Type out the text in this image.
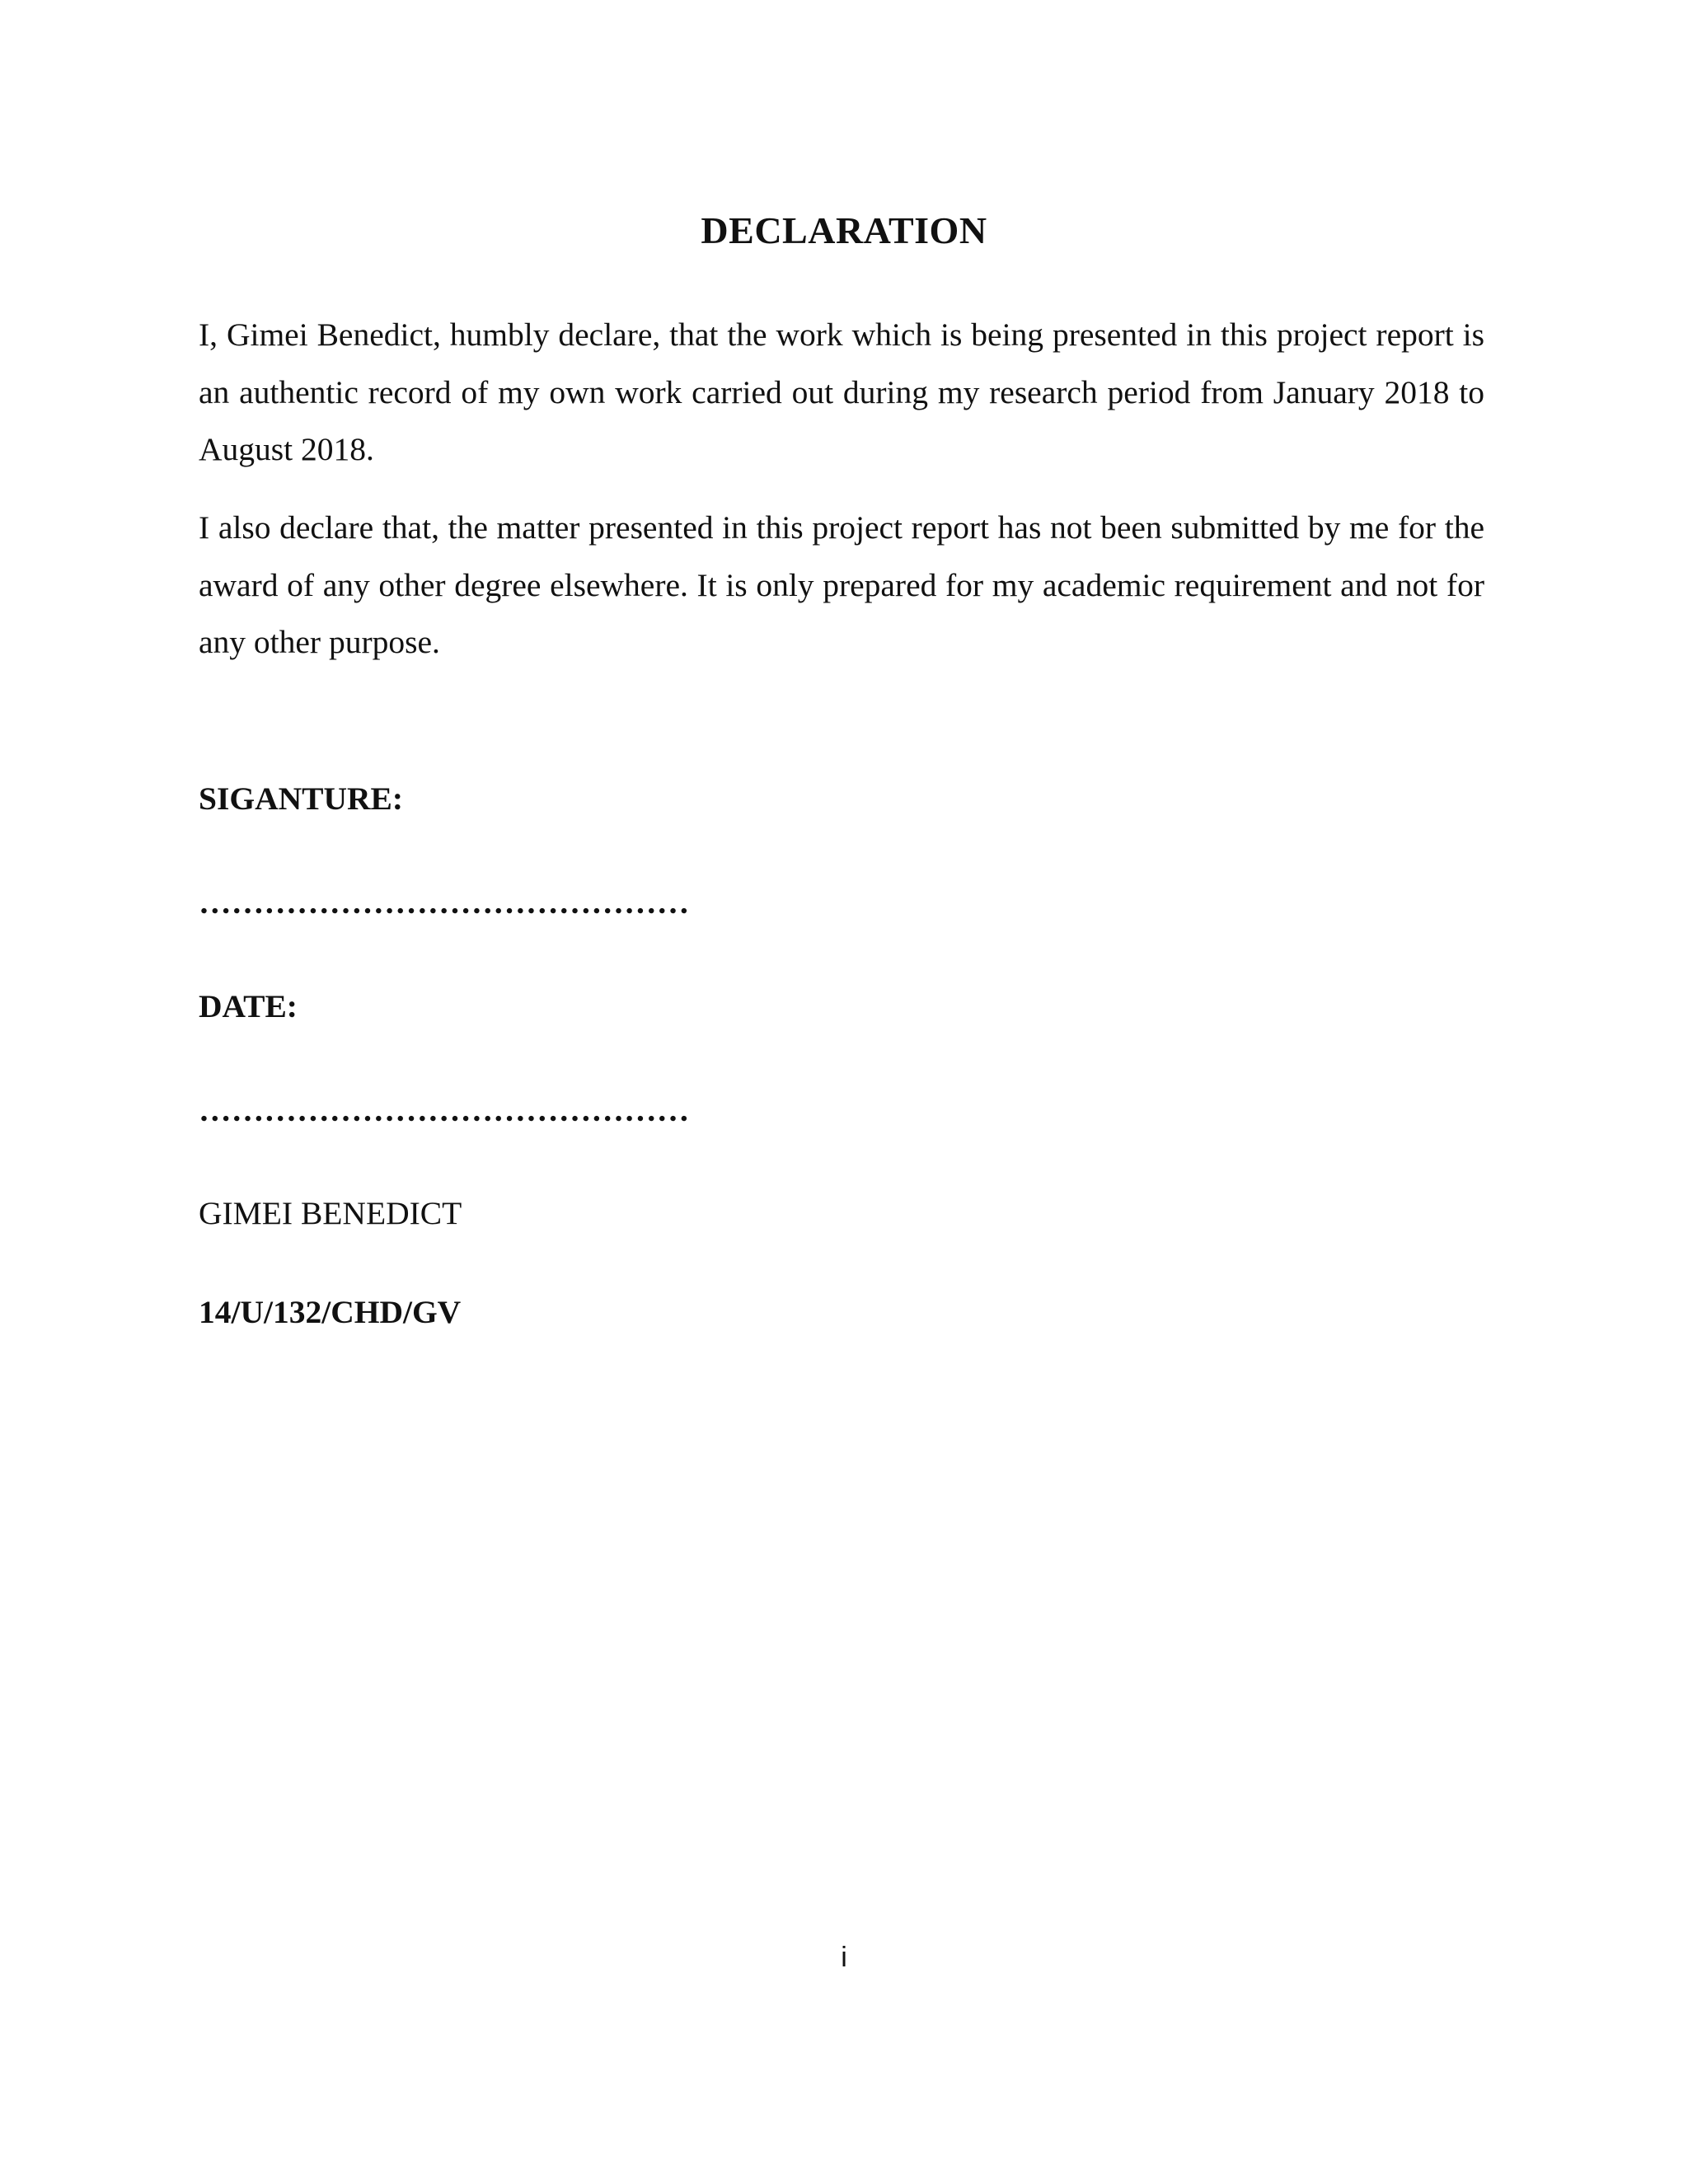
DECLARATION

I, Gimei Benedict, humbly declare, that the work which is being presented in this project report is an authentic record of my own work carried out during my research period from January 2018 to August 2018.

I also declare that, the matter presented in this project report has not been submitted by me for the award of any other degree elsewhere. It is only prepared for my academic requirement and not for any other purpose.

SIGANTURE:

………………………………………

DATE:

………………………………………

GIMEI BENEDICT

14/U/132/CHD/GV

i
